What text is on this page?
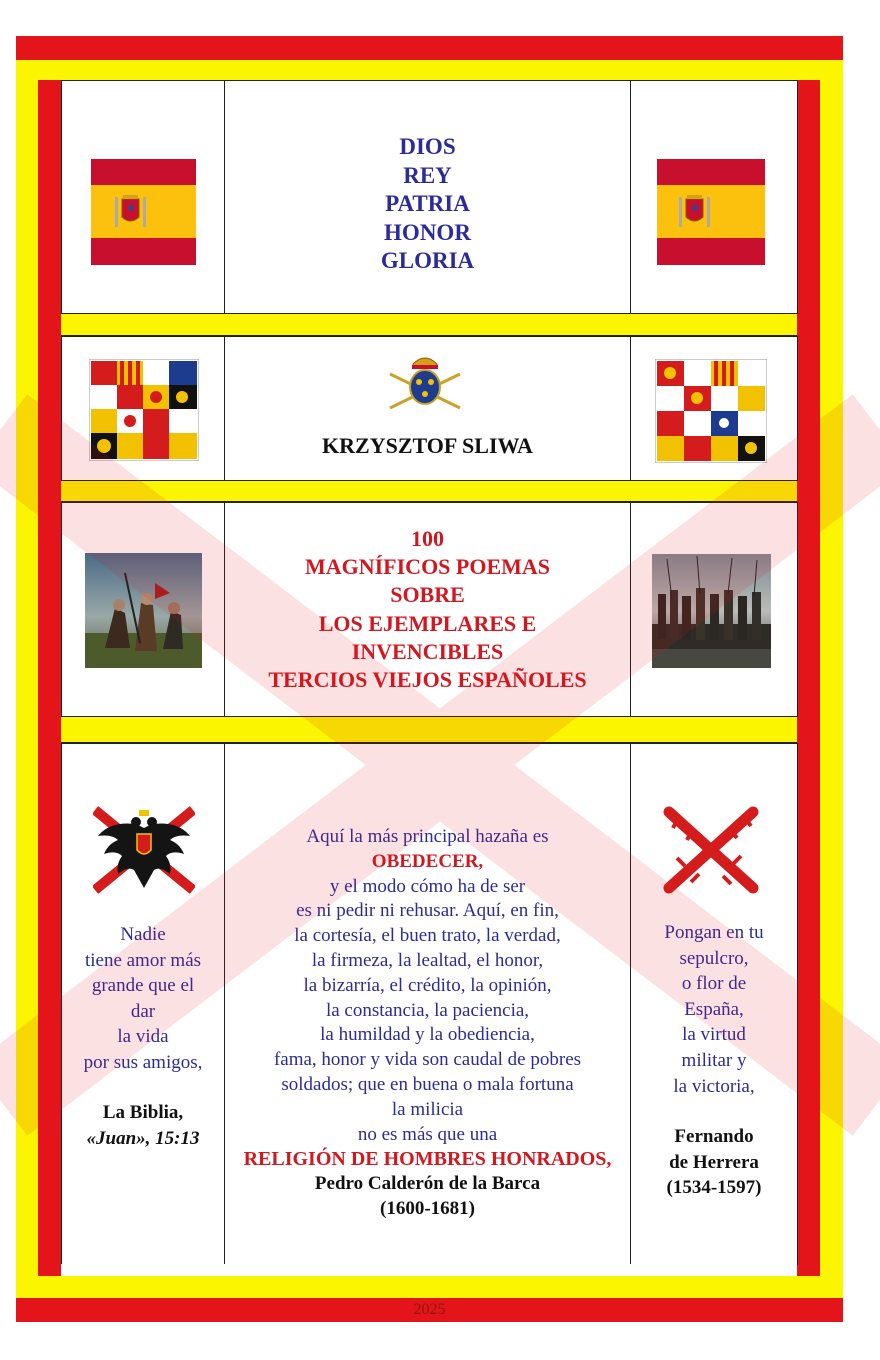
DIOS
REY
PATRIA
HONOR
GLORIA
KRZYSZTOF SLIWA
100
MAGNÍFICOS POEMAS
SOBRE
LOS EJEMPLARES E
INVENCIBLES
TERCIOS VIEJOS ESPAÑOLES
Nadie
tiene amor más
grande que el
dar
la vida
por sus amigos,
La Biblia,
«Juan», 15:13
Aquí la más principal hazaña es
OBEDECER,
y el modo cómo ha de ser
es ni pedir ni rehusar. Aquí, en fin,
la cortesía, el buen trato, la verdad,
la firmeza, la lealtad, el honor,
la bizarría, el crédito, la opinión,
la constancia, la paciencia,
la humildad y la obediencia,
fama, honor y vida son caudal de pobres
soldados; que en buena o mala fortuna
la milicia
no es más que una
RELIGIÓN DE HOMBRES HONRADOS,
Pedro Calderón de la Barca
(1600-1681)
Pongan en tu
sepulcro,
o flor de
España,
la virtud
militar y
la victoria,
Fernando
de Herrera
(1534-1597)
2025
